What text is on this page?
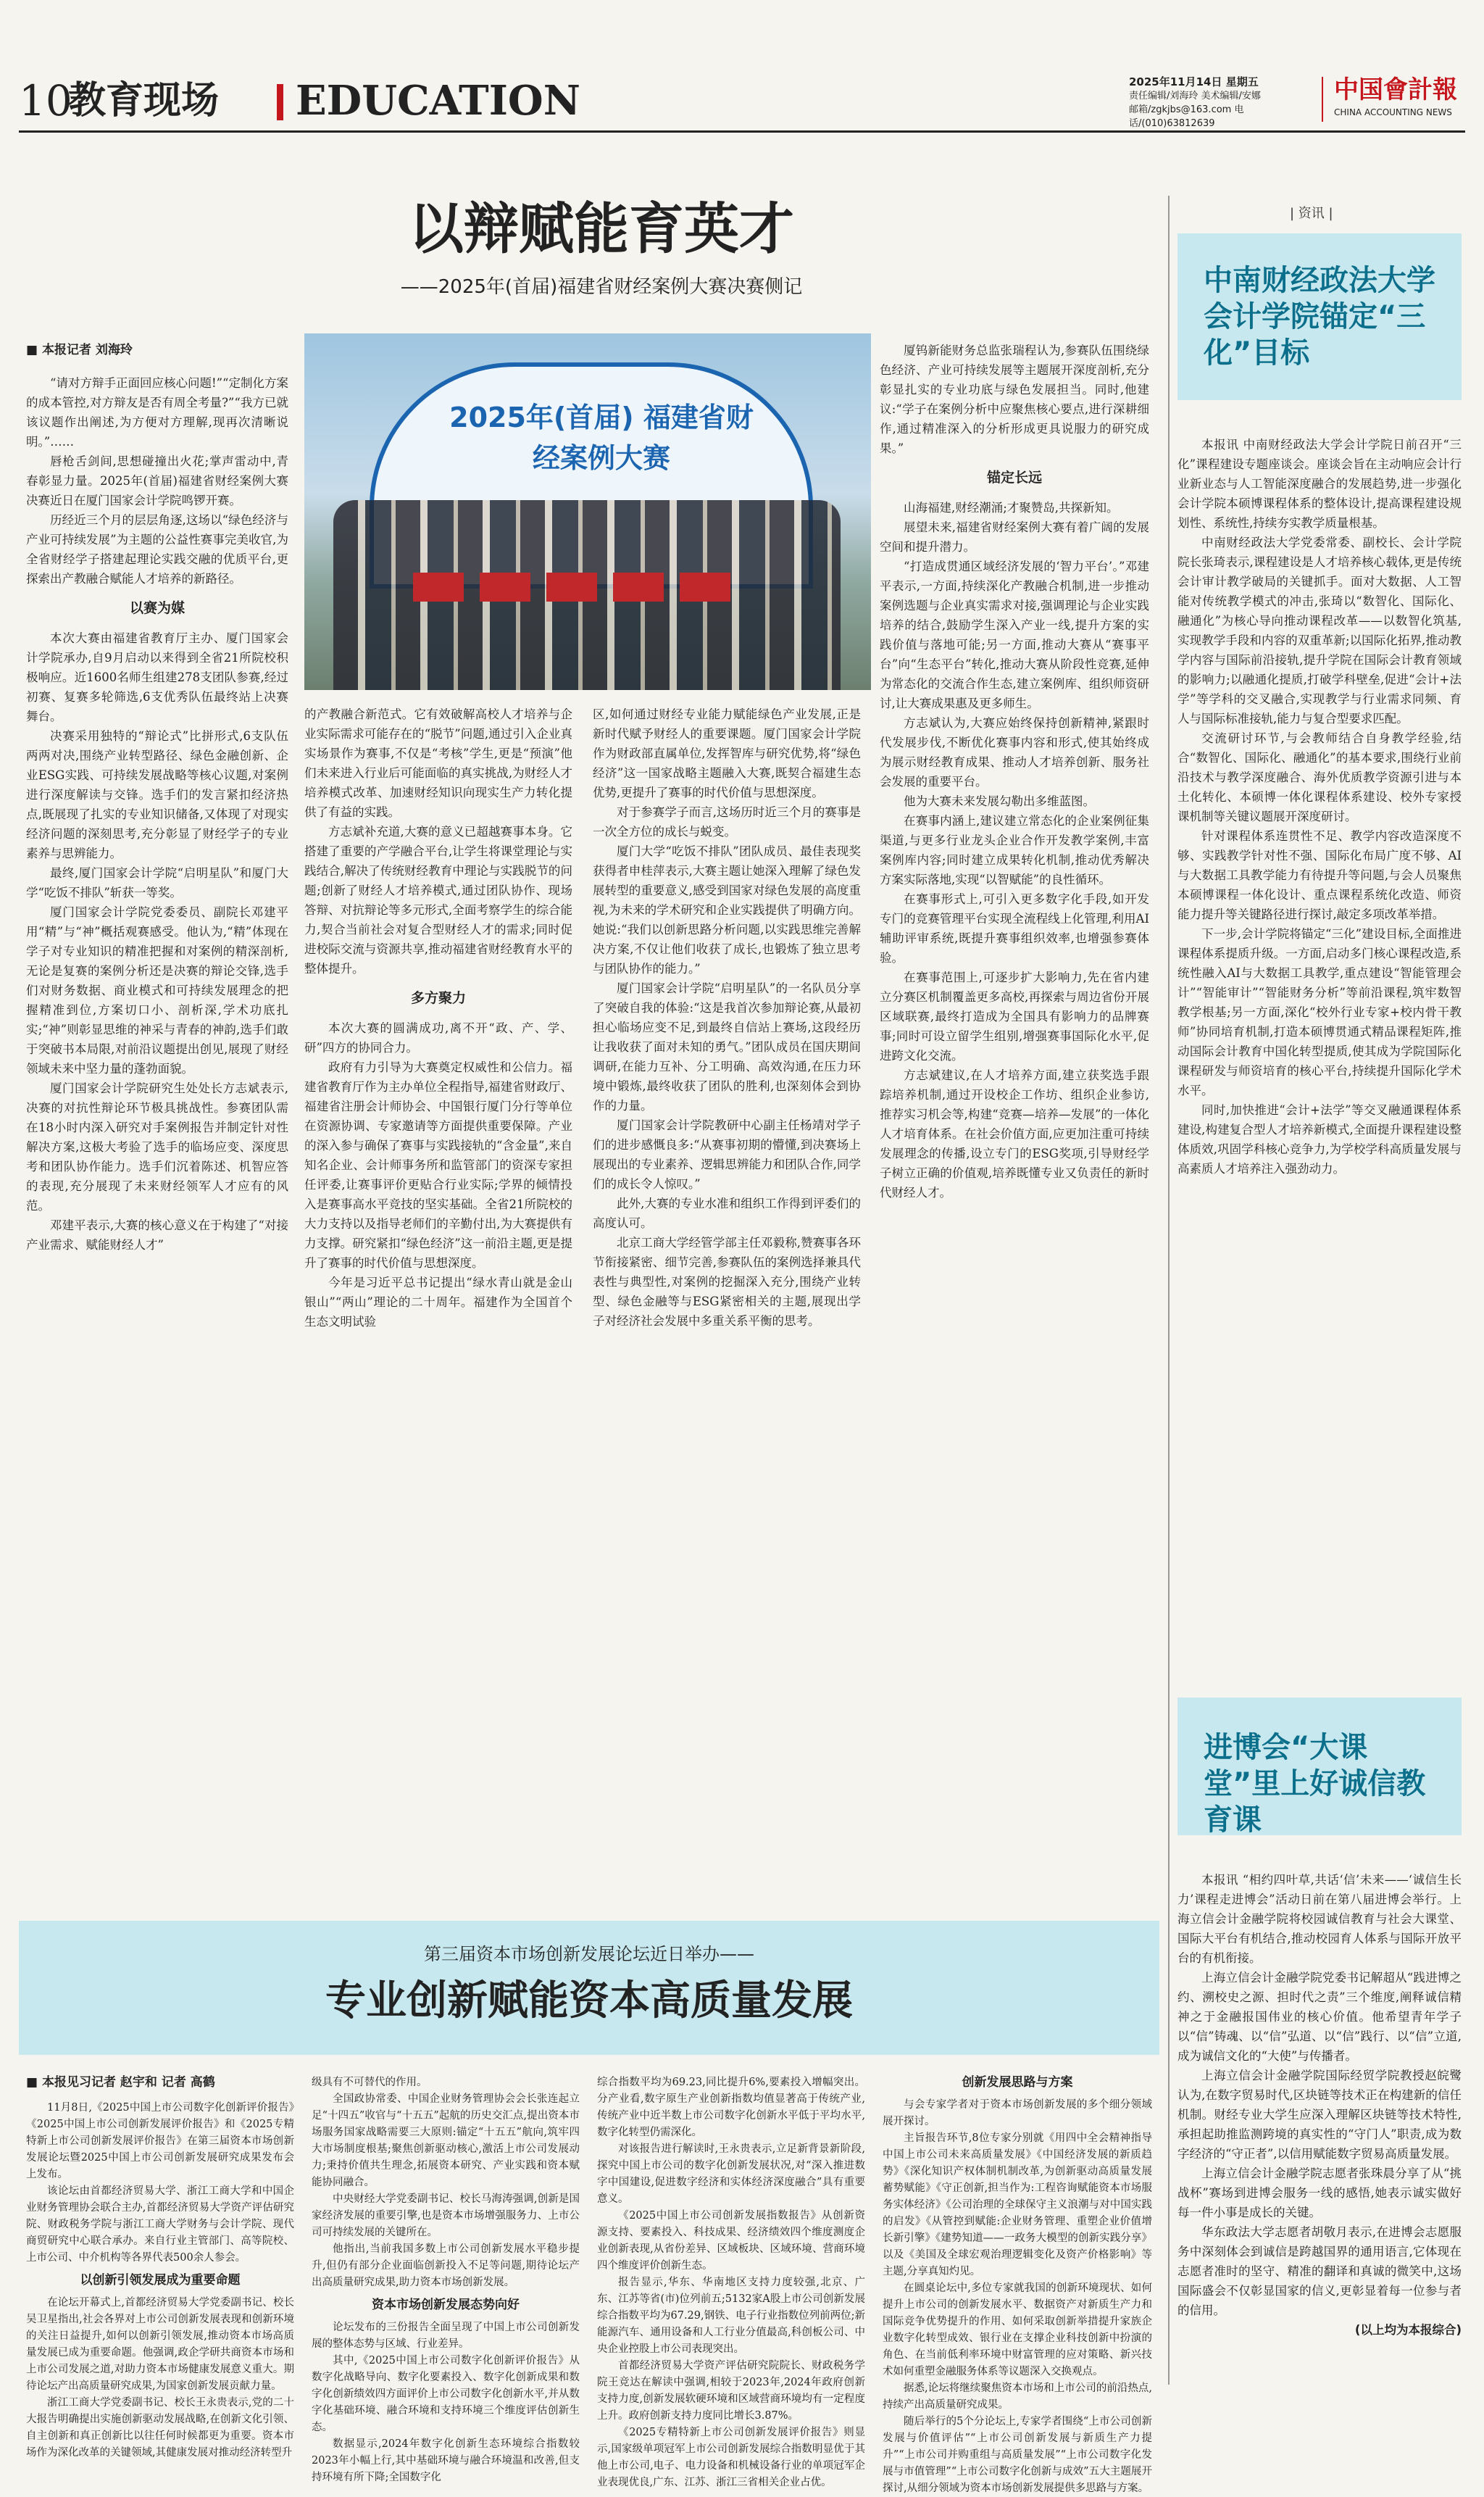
10
教育现场 EDUCATION	2025年11月14日 星期五
责任编辑/刘海玲 美术编辑/安娜
邮箱/zgkjbs@163.com 电话/(010)63812639
中国會計報
CHINA ACCOUNTING NEWS
以辩赋能育英才
——2025年(首届)福建省财经案例大赛决赛侧记
■ 本报记者 刘海玲

“请对方辩手正面回应核心问题!”“定制化方案的成本管控,对方辩友是否有周全考量?”“我方已就该议题作出阐述,为方便对方理解,现再次清晰说明。”……

唇枪舌剑间,思想碰撞出火花;掌声雷动中,青春彰显力量。2025年(首届)福建省财经案例大赛决赛近日在厦门国家会计学院鸣锣开赛。

历经近三个月的层层角逐,这场以“绿色经济与产业可持续发展”为主题的公益性赛事完美收官,为全省财经学子搭建起理论实践交融的优质平台,更探索出产教融合赋能人才培养的新路径。

以赛为媒

本次大赛由福建省教育厅主办、厦门国家会计学院承办,自9月启动以来得到全省21所院校积极响应。近1600名师生组建278支团队参赛,经过初赛、复赛多轮筛选,6支优秀队伍最终站上决赛舞台。

决赛采用独特的“辩论式”比拼形式,6支队伍两两对决,围绕产业转型路径、绿色金融创新、企业ESG实践、可持续发展战略等核心议题,对案例进行深度解读与交锋。选手们的发言紧扣经济热点,既展现了扎实的专业知识储备,又体现了对现实经济问题的深刻思考,充分彰显了财经学子的专业素养与思辨能力。

最终,厦门国家会计学院“启明星队”和厦门大学“吃饭不排队”斩获一等奖。

厦门国家会计学院党委委员、副院长邓建平用“精”与“神”概括观赛感受。他认为,“精”体现在学子对专业知识的精准把握和对案例的精深剖析,无论是复赛的案例分析还是决赛的辩论交锋,选手们对财务数据、商业模式和可持续发展理念的把握精准到位,方案切口小、剖析深,学术功底扎实;“神”则彰显思维的神采与青春的神韵,选手们敢于突破书本局限,对前沿议题提出创见,展现了财经领域未来中坚力量的蓬勃面貌。

厦门国家会计学院研究生处处长方志斌表示,决赛的对抗性辩论环节极具挑战性。参赛团队需在18小时内深入研究对手案例报告并制定针对性解决方案,这极大考验了选手的临场应变、深度思考和团队协作能力。选手们沉着陈述、机智应答的表现,充分展现了未来财经领军人才应有的风范。

邓建平表示,大赛的核心意义在于构建了“对接产业需求、赋能财经人才”

2025年(首届) 福建省财经案例大赛

的产教融合新范式。它有效破解高校人才培养与企业实际需求可能存在的“脱节”问题,通过引入企业真实场景作为赛事,不仅是“考核”学生,更是“预演”他们未来进入行业后可能面临的真实挑战,为财经人才培养模式改革、加速财经知识向现实生产力转化提供了有益的实践。

方志斌补充道,大赛的意义已超越赛事本身。它搭建了重要的产学融合平台,让学生将课堂理论与实践结合,解决了传统财经教育中理论与实践脱节的问题;创新了财经人才培养模式,通过团队协作、现场答辩、对抗辩论等多元形式,全面考察学生的综合能力,契合当前社会对复合型财经人才的需求;同时促进校际交流与资源共享,推动福建省财经教育水平的整体提升。

多方聚力

本次大赛的圆满成功,离不开“政、产、学、研”四方的协同合力。

政府有力引导为大赛奠定权威性和公信力。福建省教育厅作为主办单位全程指导,福建省财政厅、福建省注册会计师协会、中国银行厦门分行等单位在资源协调、专家邀请等方面提供重要保障。产业的深入参与确保了赛事与实践接轨的“含金量”,来自知名企业、会计师事务所和监管部门的资深专家担任评委,让赛事评价更贴合行业实际;学界的倾情投入是赛事高水平竞技的坚实基础。全省21所院校的大力支持以及指导老师们的辛勤付出,为大赛提供有力支撑。研究紧扣“绿色经济”这一前沿主题,更是提升了赛事的时代价值与思想深度。

今年是习近平总书记提出“绿水青山就是金山银山”“两山”理论的二十周年。福建作为全国首个生态文明试验

区,如何通过财经专业能力赋能绿色产业发展,正是新时代赋予财经人的重要课题。厦门国家会计学院作为财政部直属单位,发挥智库与研究优势,将“绿色经济”这一国家战略主题融入大赛,既契合福建生态优势,更提升了赛事的时代价值与思想深度。

对于参赛学子而言,这场历时近三个月的赛事是一次全方位的成长与蜕变。

厦门大学“吃饭不排队”团队成员、最佳表现奖获得者申桂萍表示,大赛主题让她深入理解了绿色发展转型的重要意义,感受到国家对绿色发展的高度重视,为未来的学术研究和企业实践提供了明确方向。她说:“我们以创新思路分析问题,以实践思维完善解决方案,不仅让他们收获了成长,也锻炼了独立思考与团队协作的能力。”

厦门国家会计学院“启明星队”的一名队员分享了突破自我的体验:“这是我首次参加辩论赛,从最初担心临场应变不足,到最终自信站上赛场,这段经历让我收获了面对未知的勇气。”团队成员在国庆期间调研,在能力互补、分工明确、高效沟通,在压力环境中锻炼,最终收获了团队的胜利,也深刻体会到协作的力量。

厦门国家会计学院教研中心副主任杨靖对学子们的进步感慨良多:“从赛事初期的懵懂,到决赛场上展现出的专业素养、逻辑思辨能力和团队合作,同学们的成长令人惊叹。”

此外,大赛的专业水准和组织工作得到评委们的高度认可。

北京工商大学经管学部主任邓毅称,赞赛事各环节衔接紧密、细节完善,参赛队伍的案例选择兼具代表性与典型性,对案例的挖掘深入充分,围绕产业转型、绿色金融等与ESG紧密相关的主题,展现出学子对经济社会发展中多重关系平衡的思考。

厦钨新能财务总监张瑞程认为,参赛队伍围绕绿色经济、产业可持续发展等主题展开深度剖析,充分彰显扎实的专业功底与绿色发展担当。同时,他建议:“学子在案例分析中应聚焦核心要点,进行深耕细作,通过精准深入的分析形成更具说服力的研究成果。”

锚定长远

山海福建,财经潮涌;才聚赞岛,共探新知。

展望未来,福建省财经案例大赛有着广阔的发展空间和提升潜力。

“打造成贯通区域经济发展的‘智力平台’。”邓建平表示,一方面,持续深化产教融合机制,进一步推动案例选题与企业真实需求对接,强调理论与企业实践培养的结合,鼓励学生深入产业一线,提升方案的实践价值与落地可能;另一方面,推动大赛从“赛事平台”向“生态平台”转化,推动大赛从阶段性竞赛,延伸为常态化的交流合作生态,建立案例库、组织师资研讨,让大赛成果惠及更多师生。

方志斌认为,大赛应始终保持创新精神,紧跟时代发展步伐,不断优化赛事内容和形式,使其始终成为展示财经教育成果、推动人才培养创新、服务社会发展的重要平台。

他为大赛未来发展勾勒出多维蓝图。

在赛事内涵上,建议建立常态化的企业案例征集渠道,与更多行业龙头企业合作开发教学案例,丰富案例库内容;同时建立成果转化机制,推动优秀解决方案实际落地,实现“以智赋能”的良性循环。

在赛事形式上,可引入更多数字化手段,如开发专门的竞赛管理平台实现全流程线上化管理,利用AI辅助评审系统,既提升赛事组织效率,也增强参赛体验。

在赛事范围上,可逐步扩大影响力,先在省内建立分赛区机制覆盖更多高校,再探索与周边省份开展区域联赛,最终打造成为全国具有影响力的品牌赛事;同时可设立留学生组别,增强赛事国际化水平,促进跨文化交流。

方志斌建议,在人才培养方面,建立获奖选手跟踪培养机制,通过开设校企工作坊、组织企业参访,推荐实习机会等,构建“竞赛—培养—发展”的一体化人才培育体系。在社会价值方面,应更加注重可持续发展理念的传播,设立专门的ESG奖项,引导财经学子树立正确的价值观,培养既懂专业又负责任的新时代财经人才。

| 资讯 |
中南财经政法大学会计学院锚定“三化”目标

本报讯 中南财经政法大学会计学院日前召开“三化”课程建设专题座谈会。座谈会旨在主动响应会计行业新业态与人工智能深度融合的发展趋势,进一步强化会计学院本硕博课程体系的整体设计,提高课程建设规划性、系统性,持续夯实教学质量根基。

中南财经政法大学党委常委、副校长、会计学院院长张琦表示,课程建设是人才培养核心载体,更是传统会计审计教学破局的关键抓手。面对大数据、人工智能对传统教学模式的冲击,张琦以“数智化、国际化、融通化”为核心导向推动课程改革——以数智化筑基,实现教学手段和内容的双重革新;以国际化拓界,推动教学内容与国际前沿接轨,提升学院在国际会计教育领域的影响力;以融通化提质,打破学科壁垒,促进“会计+法学”等学科的交叉融合,实现教学与行业需求同频、育人与国际标准接轨,能力与复合型要求匹配。

交流研讨环节,与会教师结合自身教学经验,结合“数智化、国际化、融通化”的基本要求,围绕行业前沿技术与教学深度融合、海外优质教学资源引进与本土化转化、本硕博一体化课程体系建设、校外专家授课机制等关键议题展开深度研讨。

针对课程体系连贯性不足、教学内容改造深度不够、实践教学针对性不强、国际化布局广度不够、AI与大数据工具教学能力有待提升等问题,与会人员聚焦本硕博课程一体化设计、重点课程系统化改造、师资能力提升等关键路径进行探讨,敲定多项改革举措。

下一步,会计学院将锚定“三化”建设目标,全面推进课程体系提质升级。一方面,启动多门核心课程改造,系统性融入AI与大数据工具教学,重点建设“智能管理会计”“智能审计”“智能财务分析”等前沿课程,筑牢数智教学根基;另一方面,深化“校外行业专家+校内骨干教师”协同培育机制,打造本硕博贯通式精品课程矩阵,推动国际会计教育中国化转型提质,使其成为学院国际化课程研发与师资培育的核心平台,持续提升国际化学术水平。

同时,加快推进“会计+法学”等交叉融通课程体系建设,构建复合型人才培养新模式,全面提升课程建设整体质效,巩固学科核心竞争力,为学校学科高质量发展与高素质人才培养注入强劲动力。

进博会“大课堂”里上好诚信教育课

本报讯 “相约四叶草,共话‘信’未来——‘诚信生长力’课程走进博会”活动日前在第八届进博会举行。上海立信会计金融学院将校园诚信教育与社会大课堂、国际大平台有机结合,推动校园育人体系与国际开放平台的有机衔接。

上海立信会计金融学院党委书记解超从“践进博之约、溯校史之源、担时代之责”三个维度,阐释诚信精神之于金融报国伟业的核心价值。他希望青年学子以“信”铸魂、以“信”弘道、以“信”践行、以“信”立道,成为诚信文化的“大使”与传播者。

上海立信会计金融学院国际经贸学院教授赵皖鹭认为,在数字贸易时代,区块链等技术正在构建新的信任机制。财经专业大学生应深入理解区块链等技术特性,承担起助推监测跨境的真实性的“守门人”职责,成为数字经济的“守正者”,以信用赋能数字贸易高质量发展。

上海立信会计金融学院志愿者张珠晨分享了从“挑战杯”赛场到进博会服务一线的感悟,她表示诚实做好每一件小事是成长的关键。

华东政法大学志愿者胡敬月表示,在进博会志愿服务中深刻体会到诚信是跨越国界的通用语言,它体现在志愿者准时的坚守、精准的翻译和真诚的微笑中,这场国际盛会不仅彰显国家的信义,更彰显着每一位参与者的信用。

(以上均为本报综合)

第三届资本市场创新发展论坛近日举办——
专业创新赋能资本高质量发展
■ 本报见习记者 赵宇和 记者 高鹤

11月8日,《2025中国上市公司数字化创新评价报告》《2025中国上市公司创新发展评价报告》和《2025专精特新上市公司创新发展评价报告》在第三届资本市场创新发展论坛暨2025中国上市公司创新发展研究成果发布会上发布。

该论坛由首都经济贸易大学、浙江工商大学和中国企业财务管理协会联合主办,首都经济贸易大学资产评估研究院、财政税务学院与浙江工商大学财务与会计学院、现代商贸研究中心联合承办。来自行业主管部门、高等院校、上市公司、中介机构等各界代表500余人参会。

以创新引领发展成为重要命题

在论坛开幕式上,首都经济贸易大学党委副书记、校长吴卫星指出,社会各界对上市公司创新发展表现和创新环境的关注日益提升,如何以创新引领发展,推动资本市场高质量发展已成为重要命题。他强调,政企学研共商资本市场和上市公司发展之道,对助力资本市场健康发展意义重大。期待论坛产出高质量研究成果,为国家创新发展贡献力量。

浙江工商大学党委副书记、校长王永贵表示,党的二十大报告明确提出实施创新驱动发展战略,在创新文化引领、自主创新和真正创新比以往任何时候都更为重要。资本市场作为深化改革的关键领域,其健康发展对推动经济转型升

级具有不可替代的作用。

全国政协常委、中国企业财务管理协会会长张连起立足“十四五”收官与“十五五”起航的历史交汇点,提出资本市场服务国家战略需要三大原则:锚定“十五五”航向,筑牢四大市场制度根基;聚焦创新驱动核心,激活上市公司发展动力;秉持价值共生理念,拓展资本研究、产业实践和资本赋能协同融合。

中央财经大学党委副书记、校长马海涛强调,创新是国家经济发展的重要引擎,也是资本市场增强服务力、上市公司可持续发展的关键所在。

他指出,当前我国多数上市公司创新发展水平稳步提升,但仍有部分企业面临创新投入不足等问题,期待论坛产出高质量研究成果,助力资本市场创新发展。

资本市场创新发展态势向好

论坛发布的三份报告全面呈现了中国上市公司创新发展的整体态势与区域、行业差异。

其中,《2025中国上市公司数字化创新评价报告》从数字化战略导向、数字化要素投入、数字化创新成果和数字化创新绩效四方面评价上市公司数字化创新水平,并从数字化基础环境、融合环境和支持环境三个维度评估创新生态。

数据显示,2024年数字化创新生态环境综合指数较2023年小幅上行,其中基础环境与融合环境温和改善,但支持环境有所下降;全国数字化

综合指数平均为69.23,同比提升6%,要素投入增幅突出。分产业看,数字原生产业创新指数均值显著高于传统产业,传统产业中近半数上市公司数字化创新水平低于平均水平,数字化转型仍需深化。

对该报告进行解读时,王永贵表示,立足新背景新阶段,探究中国上市公司的数字化创新发展状况,对“深入推进数字中国建设,促进数字经济和实体经济深度融合”具有重要意义。

《2025中国上市公司创新发展指数报告》从创新资源支持、要素投入、科技成果、经济绩效四个维度测度企业创新表现,从省份差异、区域板块、区域环境、营商环境四个维度评价创新生态。

报告显示,华东、华南地区支持力度较强,北京、广东、江苏等省(市)位列前五;5132家A股上市公司创新发展综合指数平均为67.29,钢铁、电子行业指数位列前两位;新能源汽车、通用设备和人工行业分值最高,科创板公司、中央企业控股上市公司表现突出。

首都经济贸易大学资产评估研究院院长、财政税务学院王竞达在解读中强调,相较于2023年,2024年政府创新支持力度,创新发展软硬环境和区域营商环境均有一定程度上升。政府创新支持力度同比增长3.87%。

《2025专精特新上市公司创新发展评价报告》则显示,国家级单项冠军上市公司创新发展综合指数明显优于其他上市公司,电子、电力设备和机械设备行业的单项冠军企业表现优良,广东、江苏、浙江三省相关企业占优。

创新发展思路与方案

与会专家学者对于资本市场创新发展的多个细分领域展开探讨。

主旨报告环节,8位专家分别就《用四中全会精神指导中国上市公司未来高质量发展》《中国经济发展的新质趋势》《深化知识产权体制机制改革,为创新驱动高质量发展蓄势赋能》《守正创新,担当作为:工程咨询赋能资本市场服务实体经济》《公司治理的全球保守主义浪潮与对中国实践的启发》《从管控到赋能:企业财务管理、重塑企业价值增长新引擎》《建势知道——一政务大模型的创新实践分享》以及《美国及全球宏观治理逻辑变化及资产价格影响》等主题,分享真知灼见。

在圆桌论坛中,多位专家就我国的创新环境现状、如何提升上市公司的创新发展水平、数据资产对新质生产力和国际竞争优势提升的作用、如何采取创新举措提升家族企业数字化转型成效、银行业在支撑企业科技创新中扮演的角色、在当前低利率环境中财富管理的应对策略、新兴技术如何重塑金融服务体系等议题深入交换观点。

据悉,论坛将继续聚焦资本市场和上市公司的前沿热点,持续产出高质量研究成果。

随后举行的5个分论坛上,专家学者围绕“上市公司创新发展与价值评估”“上市公司创新发展与新质生产力提升”“上市公司并购重组与高质量发展”“上市公司数字化发展与市值管理”“上市公司数字化创新与成效”五大主题展开探讨,从细分领域为资本市场创新发展提供多思路与方案。
